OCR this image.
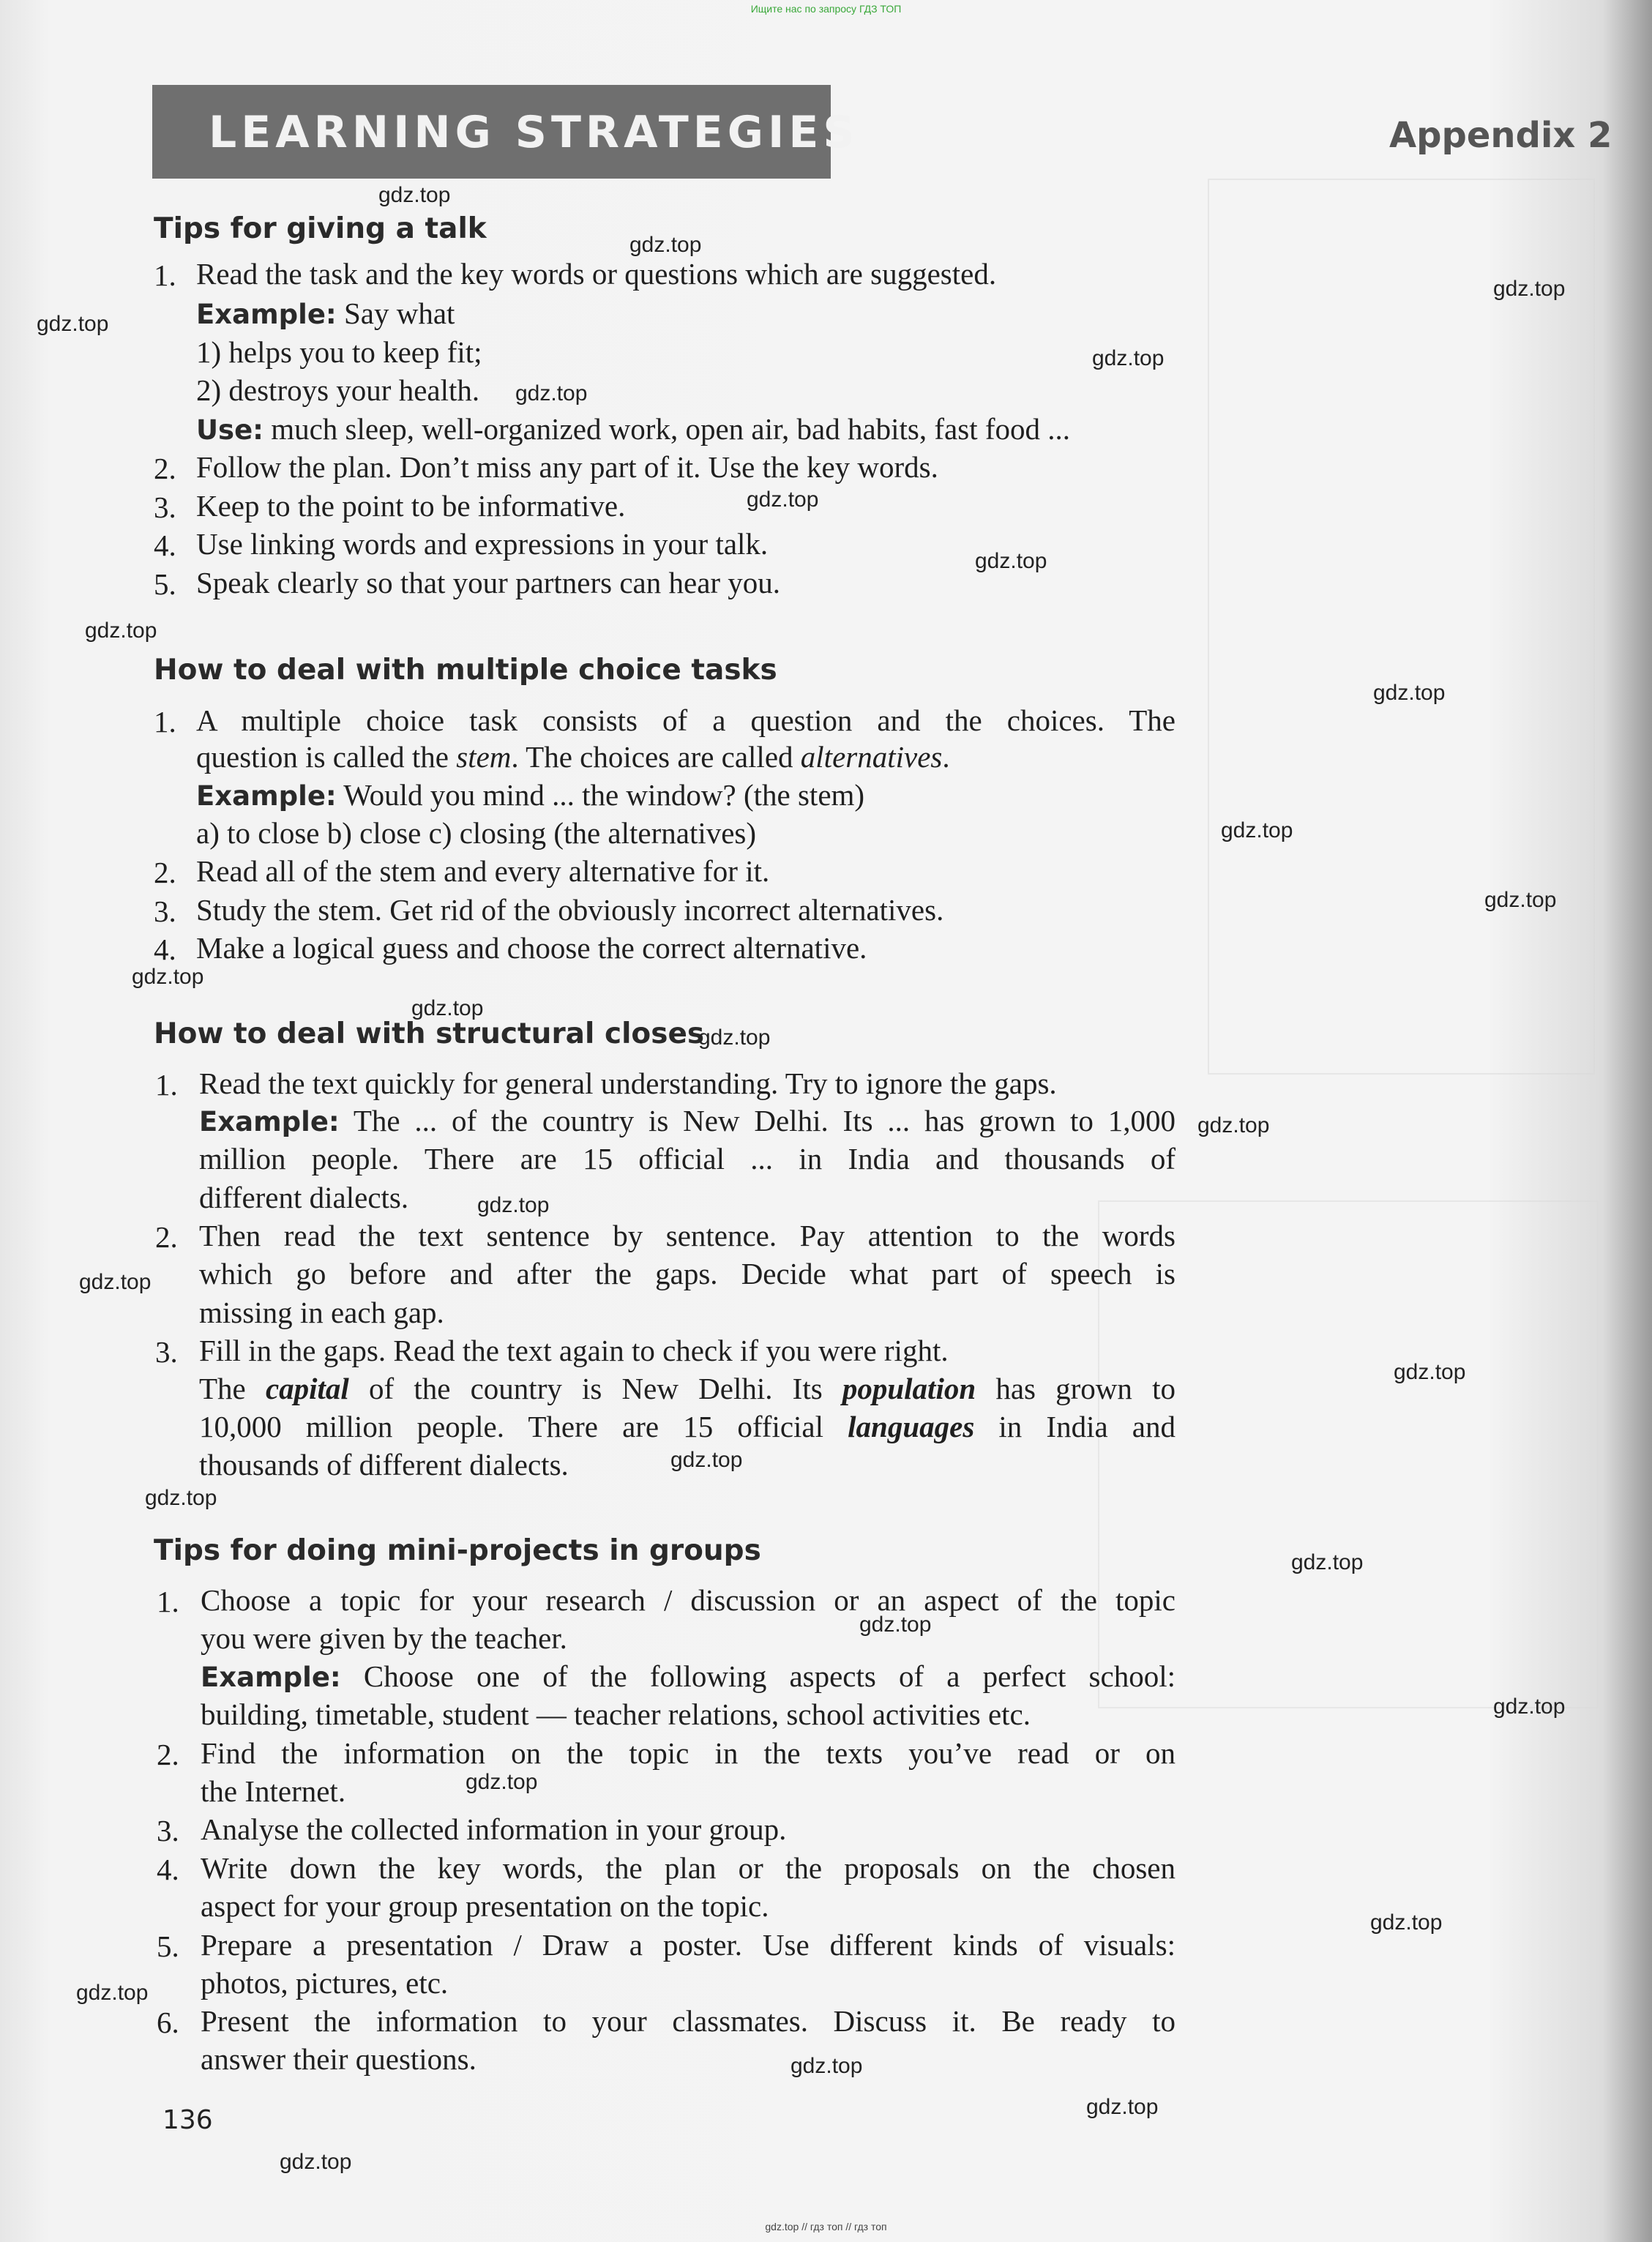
Ищите нас по запросу ГДЗ ТОП
LEARNING STRATEGIES	Appendix 2
Tips for giving a talk
1. Read the task and the key words or questions which are suggested.
Example: Say what
1) helps you to keep fit;
2) destroys your health.
Use: much sleep, well-organized work, open air, bad habits, fast food ...
2. Follow the plan. Don’t miss any part of it. Use the key words.
3. Keep to the point to be informative.
4. Use linking words and expressions in your talk.
5. Speak clearly so that your partners can hear you.
How to deal with multiple choice tasks
1. A multiple choice task consists of a question and the choices. The
question is called the stem. The choices are called alternatives.
Example: Would you mind ... the window? (the stem)
a) to close b) close c) closing (the alternatives)
2. Read all of the stem and every alternative for it.
3. Study the stem. Get rid of the obviously incorrect alternatives.
4. Make a logical guess and choose the correct alternative.
How to deal with structural closes
1. Read the text quickly for general understanding. Try to ignore the gaps.
Example: The ... of the country is New Delhi. Its ... has grown to 1,000
million people. There are 15 official ... in India and thousands of
different dialects.
2. Then read the text sentence by sentence. Pay attention to the words
which go before and after the gaps. Decide what part of speech is
missing in each gap.
3. Fill in the gaps. Read the text again to check if you were right.
The capital of the country is New Delhi. Its population has grown to
10,000 million people. There are 15 official languages in India and
thousands of different dialects.
Tips for doing mini-projects in groups
1. Choose a topic for your research / discussion or an aspect of the topic
you were given by the teacher.
Example: Choose one of the following aspects of a perfect school:
building, timetable, student — teacher relations, school activities etc.
2. Find the information on the topic in the texts you’ve read or on
the Internet.
3. Analyse the collected information in your group.
4. Write down the key words, the plan or the proposals on the chosen
aspect for your group presentation on the topic.
5. Prepare a presentation / Draw a poster. Use different kinds of visuals:
photos, pictures, etc.
6. Present the information to your classmates. Discuss it. Be ready to
answer their questions.
136
gdz.top
gdz.top
gdz.top
gdz.top
gdz.top
gdz.top
gdz.top
gdz.top
gdz.top
gdz.top
gdz.top
gdz.top
gdz.top
gdz.top
gdz.top
gdz.top
gdz.top
gdz.top
gdz.top
gdz.top
gdz.top
gdz.top
gdz.top
gdz.top
gdz.top
gdz.top
gdz.top
gdz.top
gdz.top
gdz.top
gdz.top // гдз топ // гдз топ
